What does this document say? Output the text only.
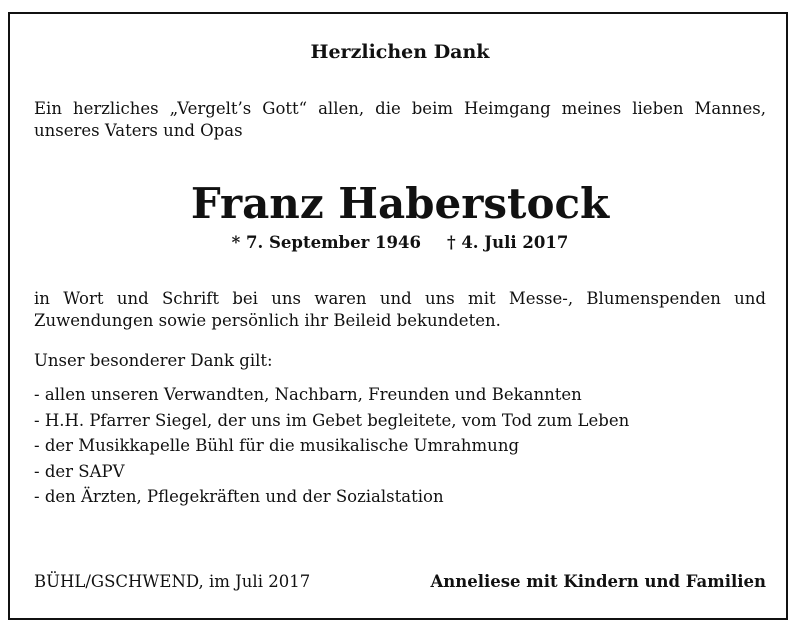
Herzlichen Dank
Ein herzliches „Vergelt’s Gott“ allen, die beim Heimgang meines lieben Mannes, unseres Vaters und Opas
Franz Haberstock
* 7. September 1946 † 4. Juli 2017
in Wort und Schrift bei uns waren und uns mit Messe-, Blumenspenden und Zuwendungen sowie persönlich ihr Beileid bekundeten.
Unser besonderer Dank gilt:
- allen unseren Verwandten, Nachbarn, Freunden und Bekannten
- H.H. Pfarrer Siegel, der uns im Gebet begleitete, vom Tod zum Leben
- der Musikkapelle Bühl für die musikalische Umrahmung
- der SAPV
- den Ärzten, Pflegekräften und der Sozialstation
BÜHL/GSCHWEND, im Juli 2017	Anneliese mit Kindern und Familien
